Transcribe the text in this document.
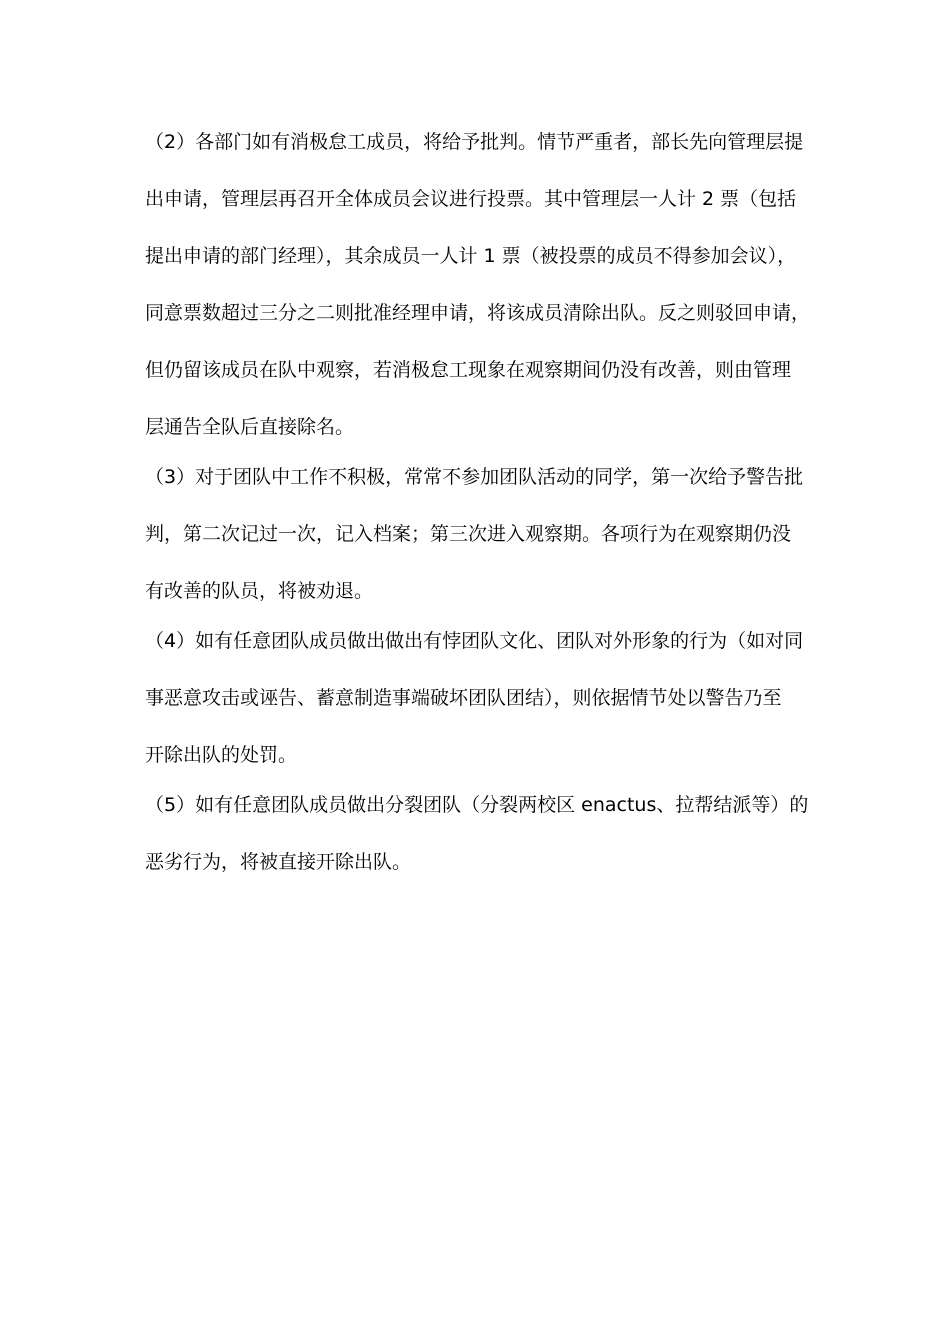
（2）各部门如有消极怠工成员，将给予批判。情节严重者，部长先向管理层提
出申请，管理层再召开全体成员会议进行投票。其中管理层一人计 2 票（包括
提出申请的部门经理），其余成员一人计 1 票（被投票的成员不得参加会议），
同意票数超过三分之二则批准经理申请，将该成员清除出队。反之则驳回申请，
但仍留该成员在队中观察，若消极怠工现象在观察期间仍没有改善，则由管理
层通告全队后直接除名。
（3）对于团队中工作不积极，常常不参加团队活动的同学，第一次给予警告批
判，第二次记过一次，记入档案；第三次进入观察期。各项行为在观察期仍没
有改善的队员，将被劝退。
（4）如有任意团队成员做出做出有悖团队文化、团队对外形象的行为（如对同
事恶意攻击或诬告、蓄意制造事端破坏团队团结），则依据情节处以警告乃至
开除出队的处罚。
（5）如有任意团队成员做出分裂团队（分裂两校区 enactus、拉帮结派等）的
恶劣行为，将被直接开除出队。
